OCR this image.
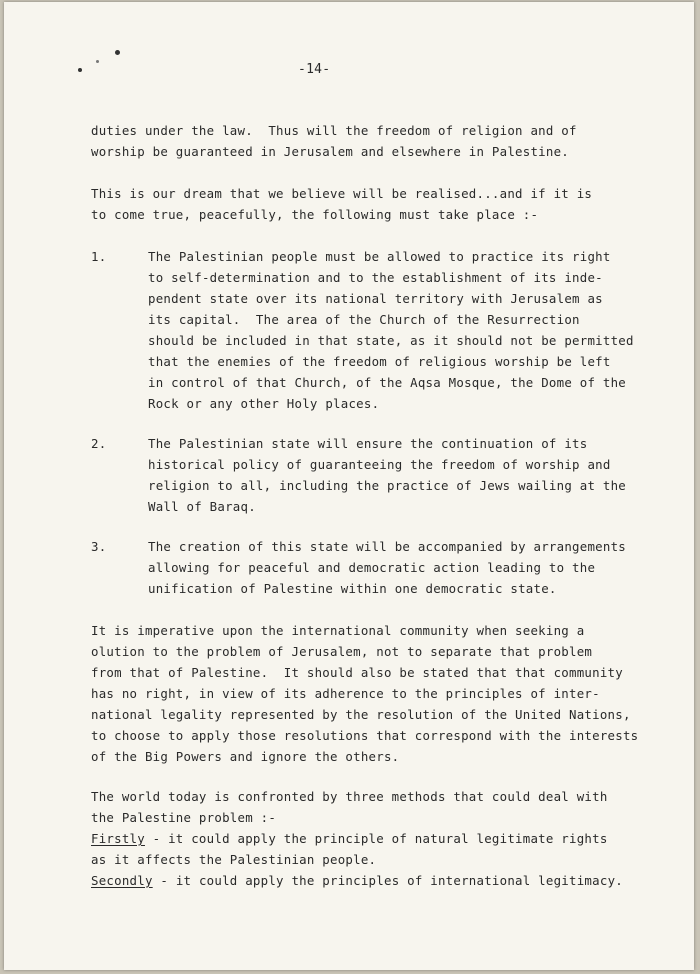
-14-
duties under the law.  Thus will the freedom of religion and of
worship be guaranteed in Jerusalem and elsewhere in Palestine.
This is our dream that we believe will be realised...and if it is
to come true, peacefully, the following must take place :-
1.	The Palestinian people must be allowed to practice its right
to self-determination and to the establishment of its inde-
pendent state over its national territory with Jerusalem as
its capital.  The area of the Church of the Resurrection
should be included in that state, as it should not be permitted
that the enemies of the freedom of religious worship be left
in control of that Church, of the Aqsa Mosque, the Dome of the
Rock or any other Holy places.
2.	The Palestinian state will ensure the continuation of its
historical policy of guaranteeing the freedom of worship and
religion to all, including the practice of Jews wailing at the
Wall of Baraq.
3.	The creation of this state will be accompanied by arrangements
allowing for peaceful and democratic action leading to the
unification of Palestine within one democratic state.
It is imperative upon the international community when seeking a
olution to the problem of Jerusalem, not to separate that problem
from that of Palestine.  It should also be stated that that community
has no right, in view of its adherence to the principles of inter-
national legality represented by the resolution of the United Nations,
to choose to apply those resolutions that correspond with the interests
of the Big Powers and ignore the others.
The world today is confronted by three methods that could deal with
the Palestine problem :-
Firstly - it could apply the principle of natural legitimate rights
as it affects the Palestinian people.
Secondly - it could apply the principles of international legitimacy.
